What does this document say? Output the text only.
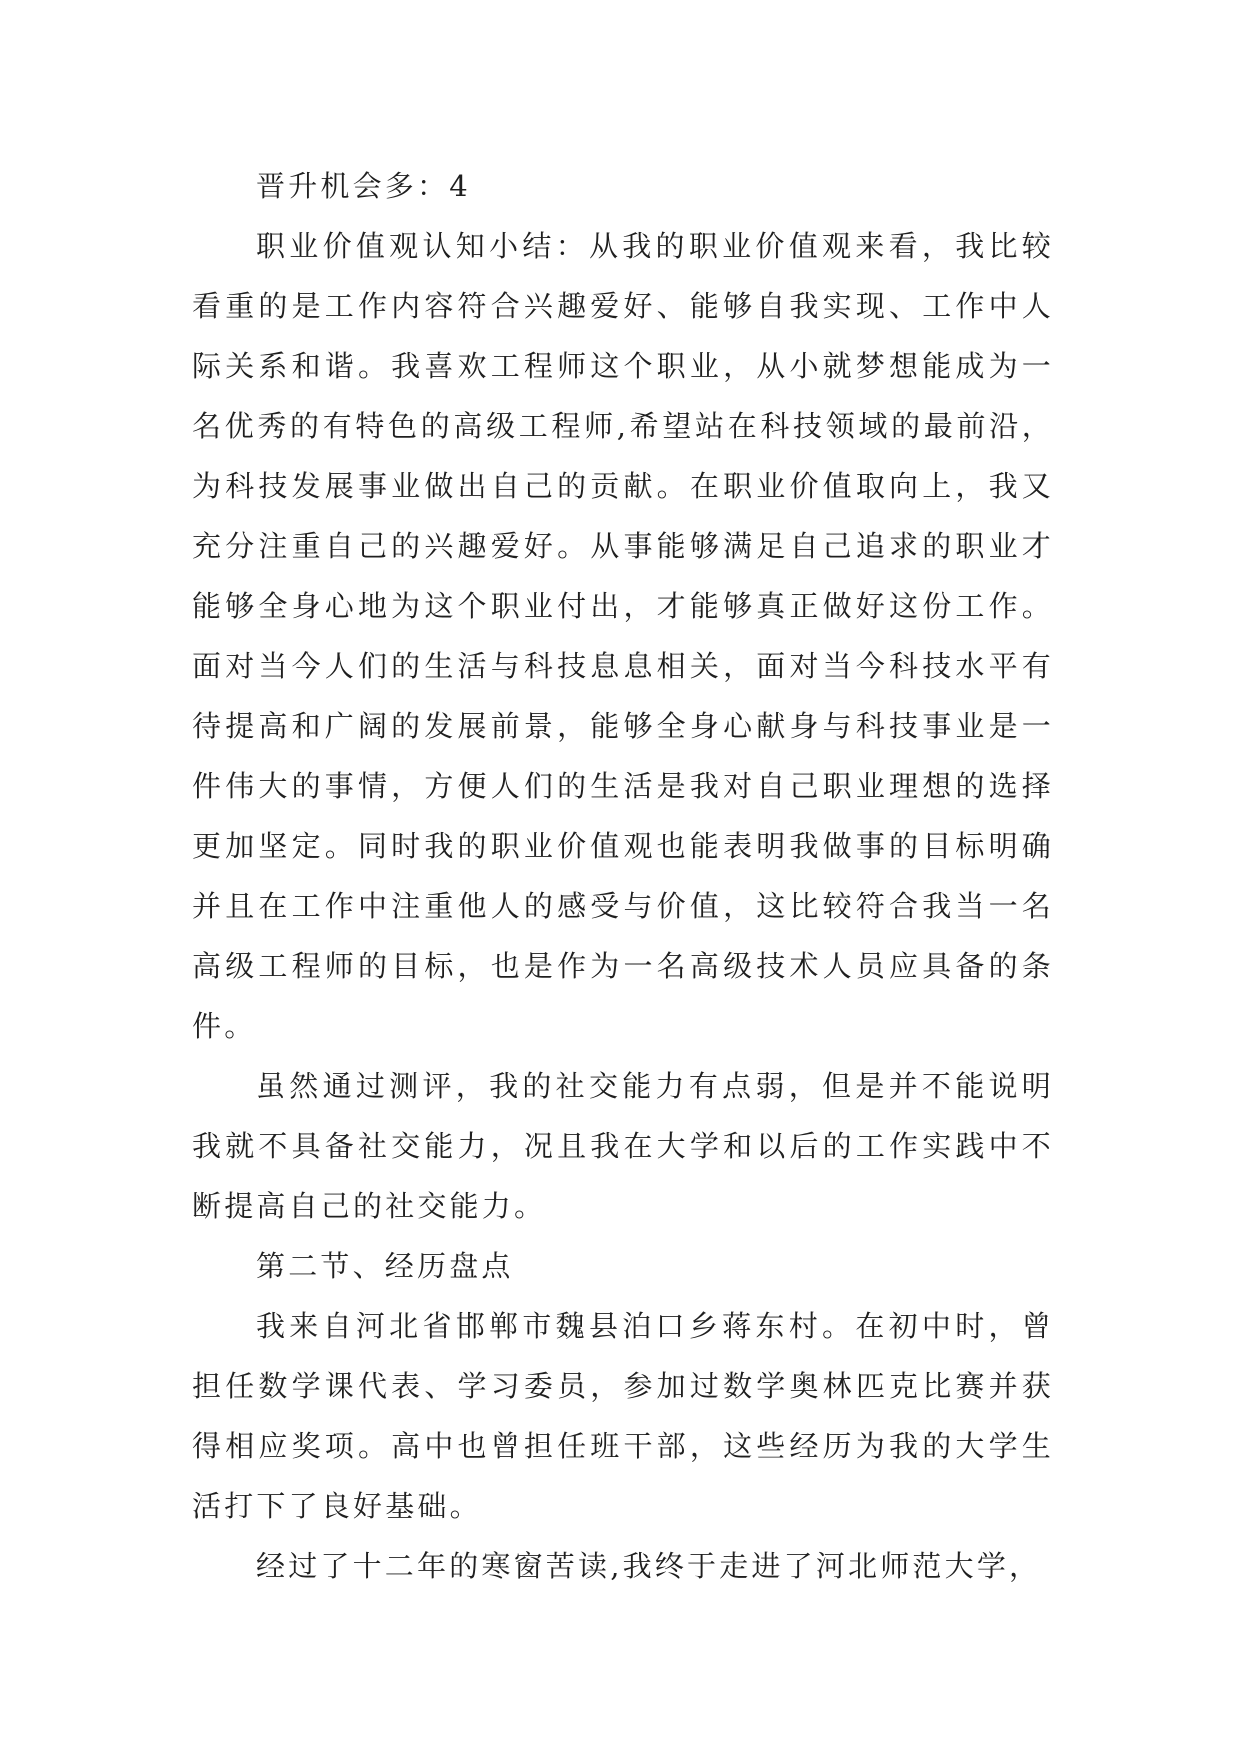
晋升机会多：4

职业价值观认知小结：从我的职业价值观来看，我比较看重的是工作内容符合兴趣爱好、能够自我实现、工作中人际关系和谐。我喜欢工程师这个职业，从小就梦想能成为一名优秀的有特色的高级工程师,希望站在科技领域的最前沿，为科技发展事业做出自己的贡献。在职业价值取向上，我又充分注重自己的兴趣爱好。从事能够满足自己追求的职业才能够全身心地为这个职业付出，才能够真正做好这份工作。面对当今人们的生活与科技息息相关，面对当今科技水平有待提高和广阔的发展前景，能够全身心献身与科技事业是一件伟大的事情，方便人们的生活是我对自己职业理想的选择更加坚定。同时我的职业价值观也能表明我做事的目标明确并且在工作中注重他人的感受与价值，这比较符合我当一名高级工程师的目标，也是作为一名高级技术人员应具备的条件。

虽然通过测评，我的社交能力有点弱，但是并不能说明我就不具备社交能力，况且我在大学和以后的工作实践中不断提高自己的社交能力。

第二节、经历盘点

我来自河北省邯郸市魏县泊口乡蒋东村。在初中时，曾担任数学课代表、学习委员，参加过数学奥林匹克比赛并获得相应奖项。高中也曾担任班干部，这些经历为我的大学生活打下了良好基础。

经过了十二年的寒窗苦读,我终于走进了河北师范大学，
